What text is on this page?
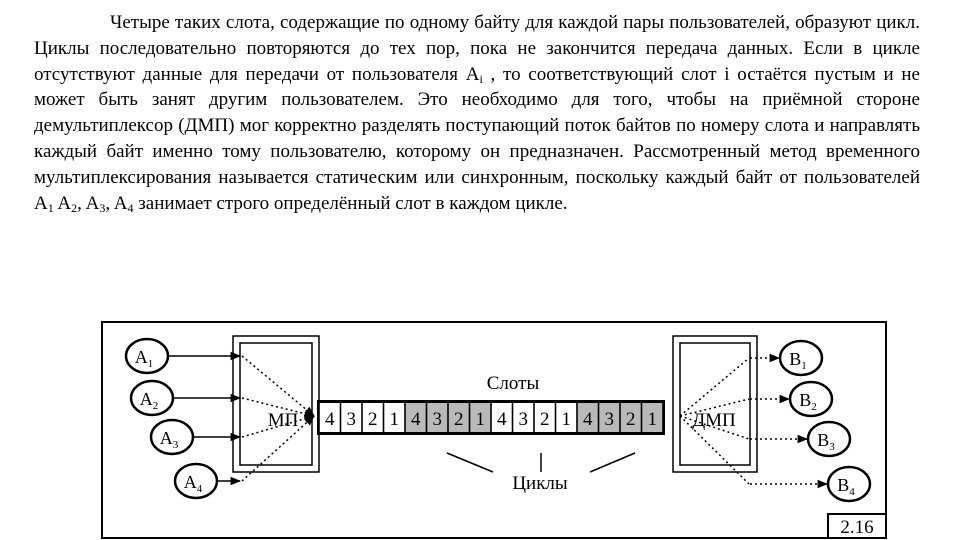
Четыре таких слота, содержащие по одному байту для каждой пары пользователей, образуют цикл. Циклы последовательно повторяются до тех пор, пока не закончится передача данных. Если в цикле отсутствуют данные для передачи от пользователя $A_i$ , то соответствующий слот i остаётся пустым и не может быть занят другим пользователем. Это необходимо для того, чтобы на приёмной стороне демультиплексор (ДМП) мог корректно разделять поступающий поток байтов по номеру слота и направлять каждый байт именно тому пользователю, которому он предназначен. Рассмотренный метод временного мультиплексирования называется статическим или синхронным, поскольку каждый байт от пользователей $A_1$ $A_2$, $A_3$, $A_4$ занимает строго определённый слот в каждом цикле.
МП	ДМП
4 3 2 1 4 3 2 1 4 3 2 1 4 3 2 1
Слоты
Циклы
$A_1$
$A_2$
$A_3$
$A_4$
$B_1$
$B_2$
$B_3$
$B_4$
2.16
